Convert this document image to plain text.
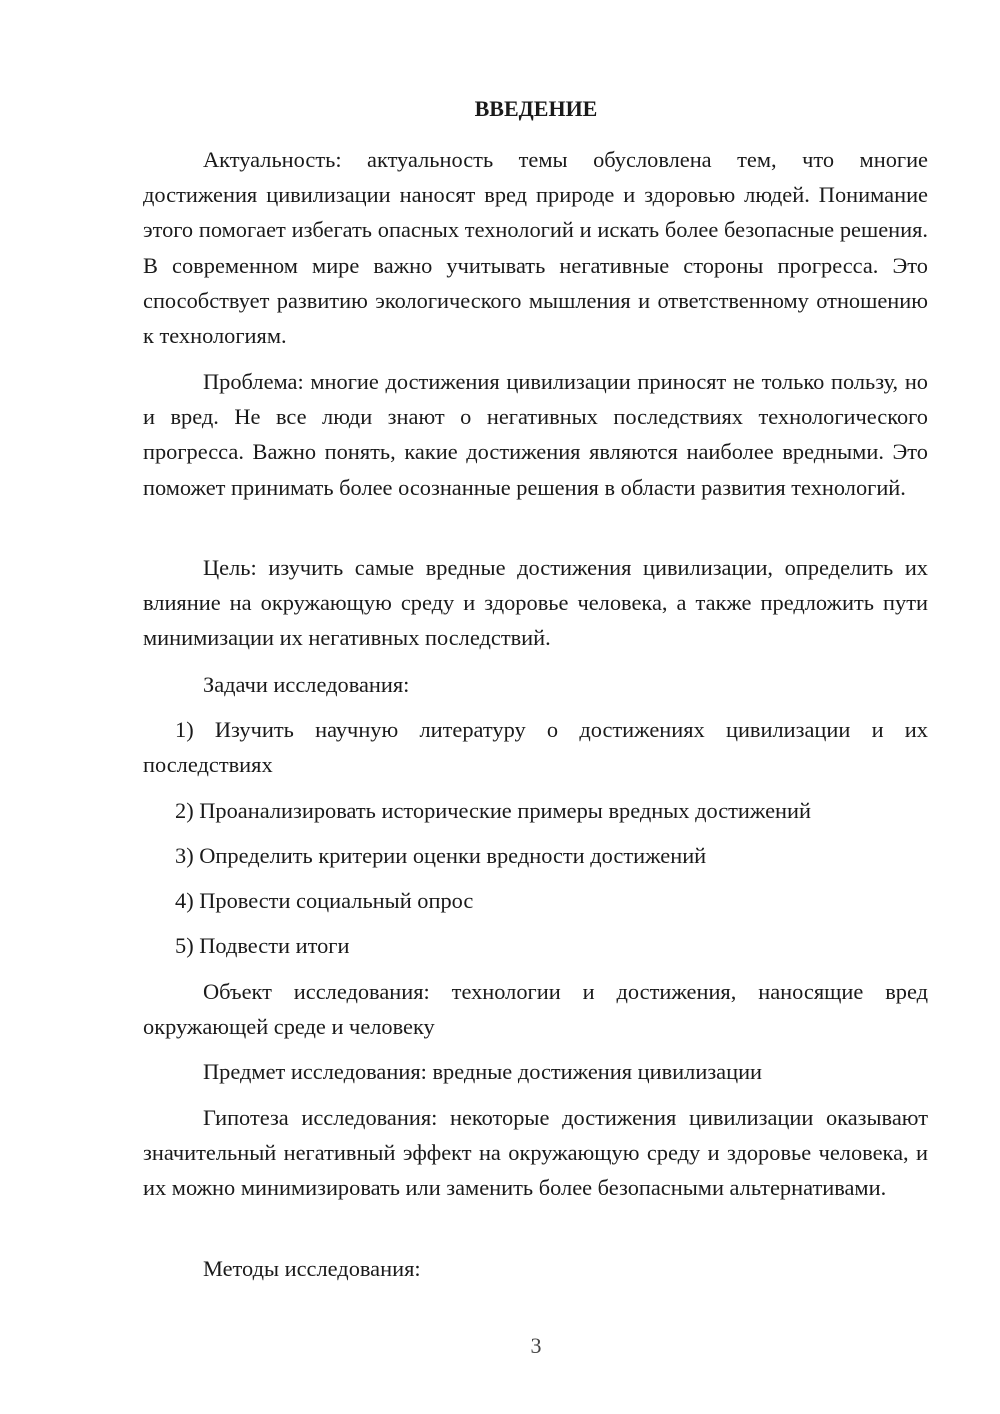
ВВЕДЕНИЕ

Актуальность: актуальность темы обусловлена тем, что многие достижения цивилизации наносят вред природе и здоровью людей. Понимание этого помогает избегать опасных технологий и искать более безопасные решения. В современном мире важно учитывать негативные стороны прогресса. Это способствует развитию экологического мышления и ответственному отношению к технологиям.

Проблема: многие достижения цивилизации приносят не только пользу, но и вред. Не все люди знают о негативных последствиях технологического прогресса. Важно понять, какие достижения являются наиболее вредными. Это поможет принимать более осознанные решения в области развития технологий.

Цель: изучить самые вредные достижения цивилизации, определить их влияние на окружающую среду и здоровье человека, а также предложить пути минимизации их негативных последствий.

Задачи исследования:

1) Изучить научную литературу о достижениях цивилизации и их последствиях

2) Проанализировать исторические примеры вредных достижений

3) Определить критерии оценки вредности достижений

4) Провести социальный опрос

5) Подвести итоги

Объект исследования: технологии и достижения, наносящие вред окружающей среде и человеку

Предмет исследования: вредные достижения цивилизации

Гипотеза исследования: некоторые достижения цивилизации оказывают значительный негативный эффект на окружающую среду и здоровье человека, и их можно минимизировать или заменить более безопасными альтернативами.

Методы исследования:

3
